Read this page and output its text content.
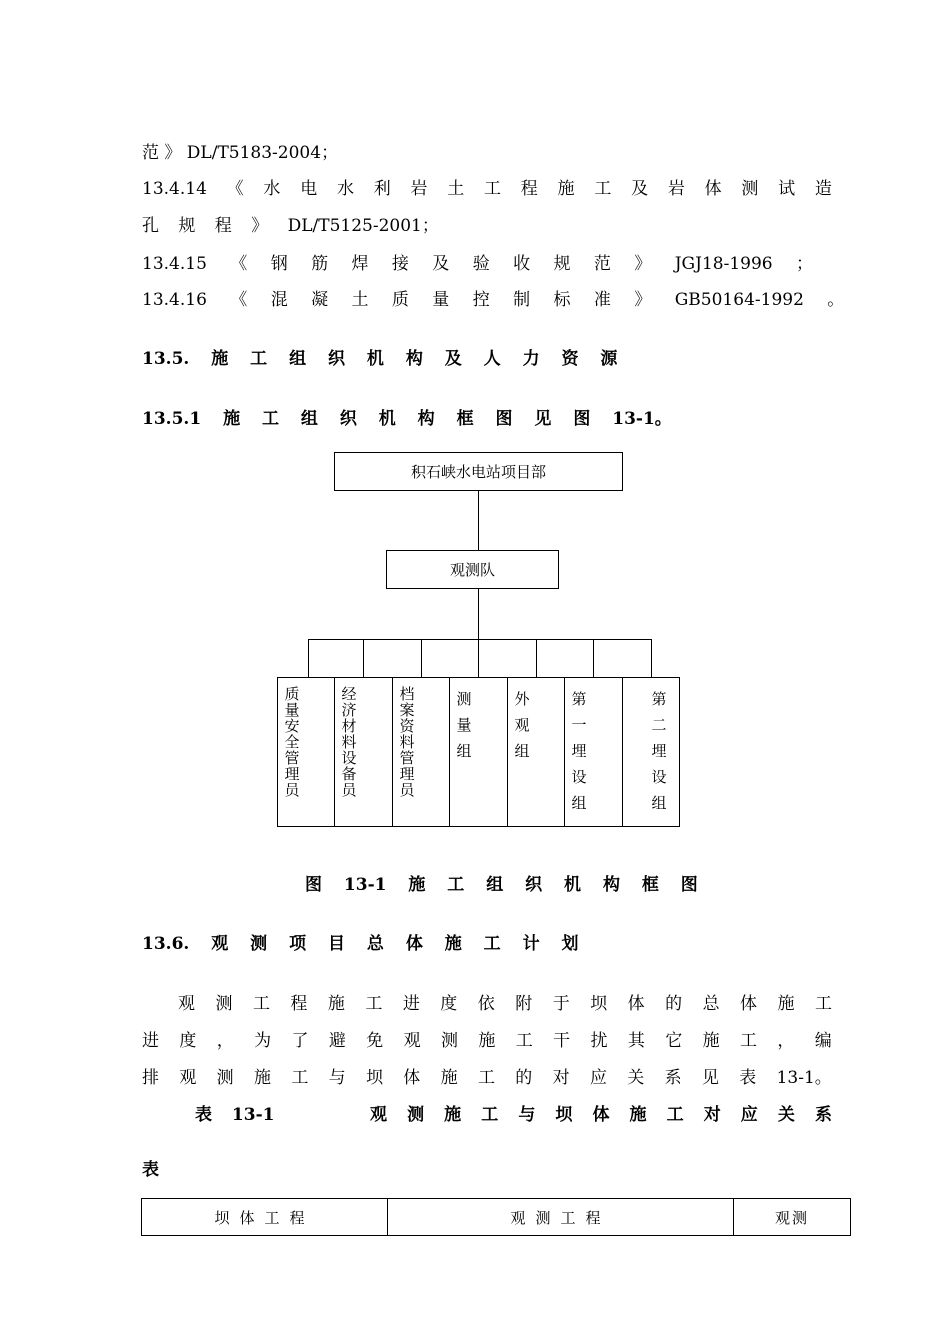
范 》 DL/T5183-2004；
13.4.14 《 水 电 水 利 岩 土 工 程 施 工 及 岩 体 测 试 造
孔 规 程 》 DL/T5125-2001；
13.4.15 《 钢 筋 焊 接 及 验 收 规 范 》 JGJ18-1996 ；
13.4.16 《 混 凝 土 质 量 控 制 标 准 》 GB50164-1992 。
13.5. 施 工 组 织 机 构 及 人 力 资 源
13.5.1 施 工 组 织 机 构 框 图 见 图 13-1。
积石峡水电站项目部
观测队
质
量
安
全
管
理
员
经
济
材
料
设
备
员
档
案
资
料
管
理
员
测
量
组
外
观
组
第
一
埋
设
组
第
二
埋
设
组
图 13-1 施 工 组 织 机 构 框 图
13.6. 观 测 项 目 总 体 施 工 计 划
观 测 工 程 施 工 进 度 依 附 于 坝 体 的 总 体 施 工
进 度 ， 为 了 避 免 观 测 施 工 干 扰 其 它 施 工 ， 编
排 观 测 施 工 与 坝 体 施 工 的 对 应 关 系 见 表 13-1。
表 13-1	观 测 施 工 与 坝 体 施 工 对 应 关 系
表
坝体工程	观测工程	观测
